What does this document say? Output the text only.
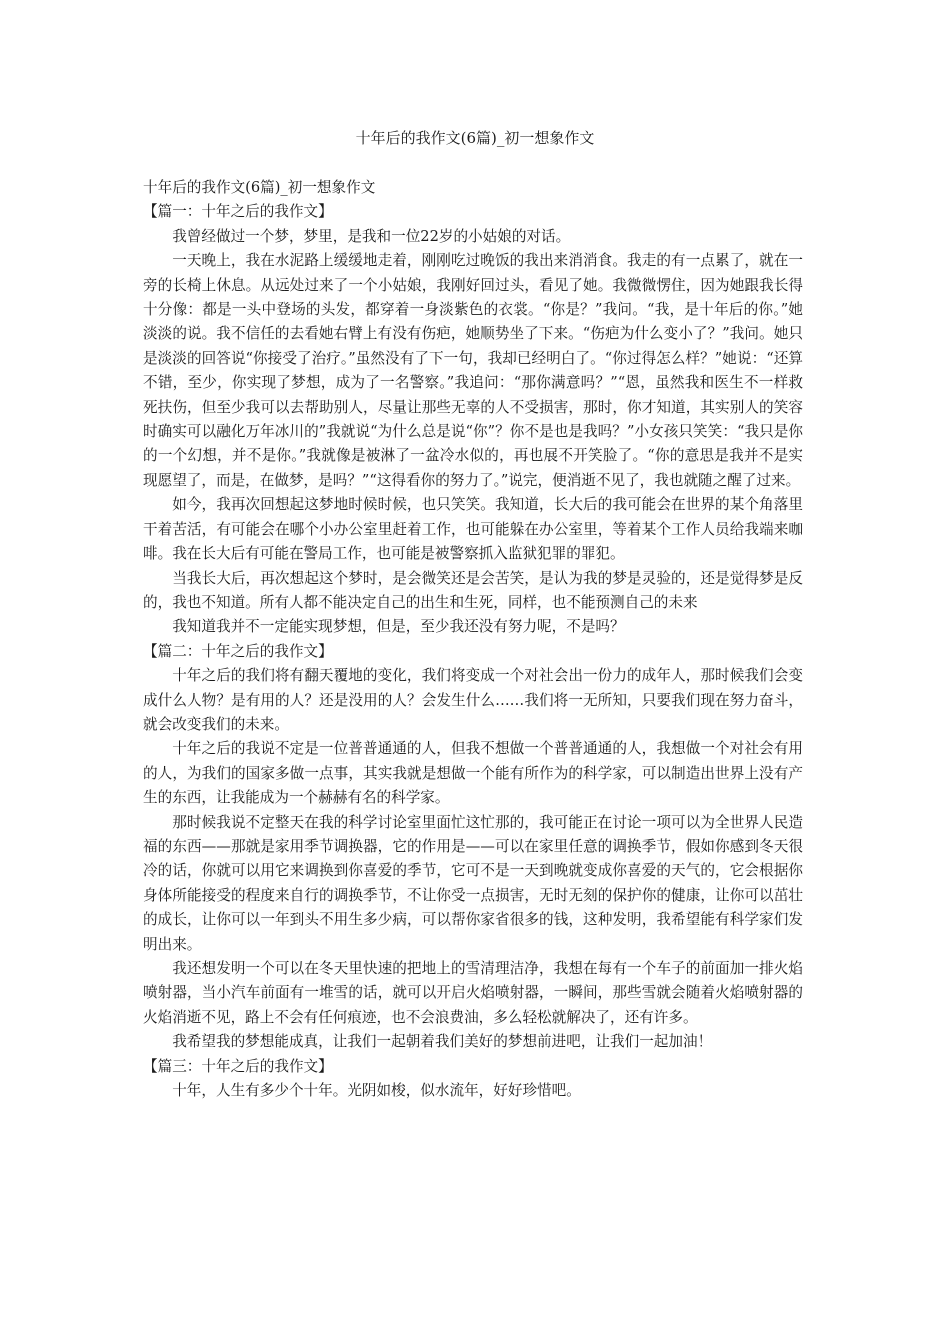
十年后的我作文(6篇)_初一想象作文

十年后的我作文(6篇)_初一想象作文

【篇一：十年之后的我作文】

我曾经做过一个梦，梦里，是我和一位22岁的小姑娘的对话。

一天晚上，我在水泥路上缓缓地走着，刚刚吃过晚饭的我出来消消食。我走的有一点累了，就在一旁的长椅上休息。从远处过来了一个小姑娘，我刚好回过头，看见了她。我微微愣住，因为她跟我长得十分像：都是一头中登场的头发，都穿着一身淡紫色的衣裳。“你是？”我问。“我，是十年后的你。”她淡淡的说。我不信任的去看她右臂上有没有伤疤，她顺势坐了下来。“伤疤为什么变小了？”我问。她只是淡淡的回答说“你接受了治疗。”虽然没有了下一句，我却已经明白了。“你过得怎么样？”她说：“还算不错，至少，你实现了梦想，成为了一名警察。”我追问：“那你满意吗？”“恩，虽然我和医生不一样救死扶伤，但至少我可以去帮助别人，尽量让那些无辜的人不受损害，那时，你才知道，其实别人的笑容时确实可以融化万年冰川的”我就说“为什么总是说“你”？你不是也是我吗？”小女孩只笑笑：“我只是你的一个幻想，并不是你。”我就像是被淋了一盆冷水似的，再也展不开笑脸了。“你的意思是我并不是实现愿望了，而是，在做梦，是吗？”“这得看你的努力了。”说完，便消逝不见了，我也就随之醒了过来。

如今，我再次回想起这梦地时候时候，也只笑笑。我知道，长大后的我可能会在世界的某个角落里干着苦活，有可能会在哪个小办公室里赶着工作，也可能躲在办公室里，等着某个工作人员给我端来咖啡。我在长大后有可能在警局工作，也可能是被警察抓入监狱犯罪的罪犯。

当我长大后，再次想起这个梦时，是会微笑还是会苦笑，是认为我的梦是灵验的，还是觉得梦是反的，我也不知道。所有人都不能决定自己的出生和生死，同样，也不能预测自己的未来

我知道我并不一定能实现梦想，但是，至少我还没有努力呢，不是吗？

【篇二：十年之后的我作文】

十年之后的我们将有翻天覆地的变化，我们将变成一个对社会出一份力的成年人，那时候我们会变成什么人物？是有用的人？还是没用的人？会发生什么……我们将一无所知，只要我们现在努力奋斗，就会改变我们的未来。

十年之后的我说不定是一位普普通通的人，但我不想做一个普普通通的人，我想做一个对社会有用的人，为我们的国家多做一点事，其实我就是想做一个能有所作为的科学家，可以制造出世界上没有产生的东西，让我能成为一个赫赫有名的科学家。

那时候我说不定整天在我的科学讨论室里面忙这忙那的，我可能正在讨论一项可以为全世界人民造福的东西——那就是家用季节调换器，它的作用是——可以在家里任意的调换季节，假如你感到冬天很冷的话，你就可以用它来调换到你喜爱的季节，它可不是一天到晚就变成你喜爱的天气的，它会根据你身体所能接受的程度来自行的调换季节，不让你受一点损害，无时无刻的保护你的健康，让你可以茁壮的成长，让你可以一年到头不用生多少病，可以帮你家省很多的钱，这种发明，我希望能有科学家们发明出来。

我还想发明一个可以在冬天里快速的把地上的雪清理洁净，我想在每有一个车子的前面加一排火焰喷射器，当小汽车前面有一堆雪的话，就可以开启火焰喷射器，一瞬间，那些雪就会随着火焰喷射器的火焰消逝不见，路上不会有任何痕迹，也不会浪费油，多么轻松就解决了，还有许多。

我希望我的梦想能成真，让我们一起朝着我们美好的梦想前进吧，让我们一起加油！

【篇三：十年之后的我作文】

十年，人生有多少个十年。光阴如梭，似水流年，好好珍惜吧。
